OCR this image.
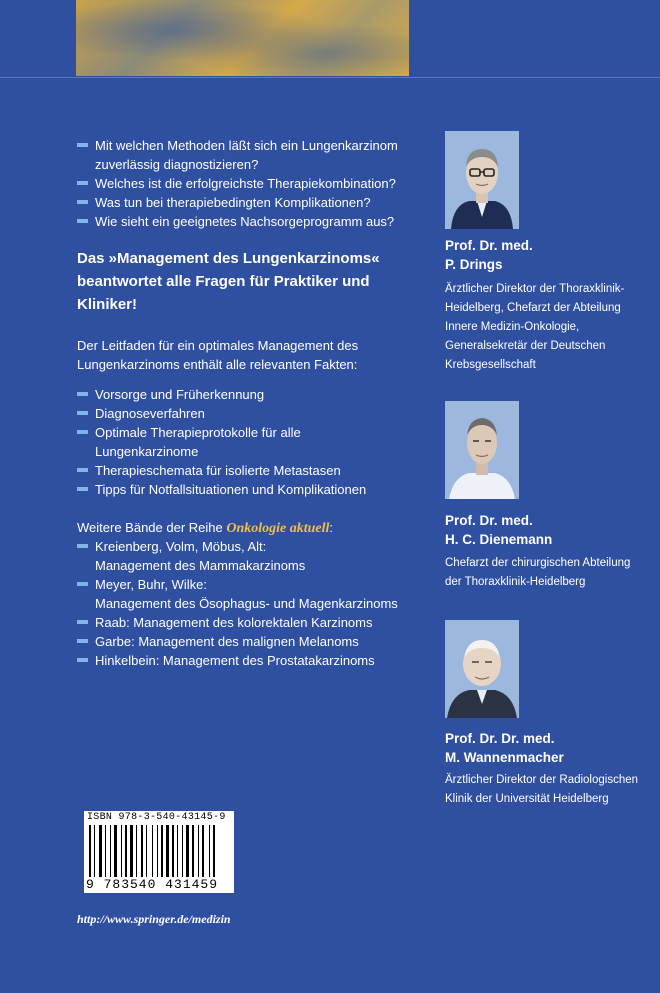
Mit welchen Methoden läßt sich ein Lungenkarzinom zuverlässig diagnostizieren?
Welches ist die erfolgreichste Therapiekombination?
Was tun bei therapiebedingten Komplikationen?
Wie sieht ein geeignetes Nachsorgeprogramm aus?
Das »Management des Lungenkarzinoms« beantwortet alle Fragen für Praktiker und Kliniker!

Der Leitfaden für ein optimales Management des Lungenkarzinoms enthält alle relevanten Fakten:

Vorsorge und Früherkennung
Diagnoseverfahren
Optimale Therapieprotokolle für alle Lungenkarzinome
Therapieschemata für isolierte Metastasen
Tipps für Notfallsituationen und Komplikationen
Weitere Bände der Reihe Onkologie aktuell:
Kreienberg, Volm, Möbus, Alt:
Management des Mammakarzinoms
Meyer, Buhr, Wilke:
Management des Ösophagus- und Magenkarzinoms
Raab: Management des kolorektalen Karzinoms
Garbe: Management des malignen Melanoms
Hinkelbein: Management des Prostatakarzinoms
Prof. Dr. med.
P. Drings
Ärztlicher Direktor der Thoraxklinik-Heidelberg, Chefarzt der Abteilung Innere Medizin-Onkologie, Generalsekretär der Deutschen Krebsgesellschaft
Prof. Dr. med.
H. C. Dienemann
Chefarzt der chirurgischen Abteilung der Thoraxklinik-Heidelberg
Prof. Dr. Dr. med.
M. Wannenmacher
Ärztlicher Direktor der Radiologischen Klinik der Universität Heidelberg
ISBN 978-3-540-43145-9
9 783540 431459
http://www.springer.de/medizin
